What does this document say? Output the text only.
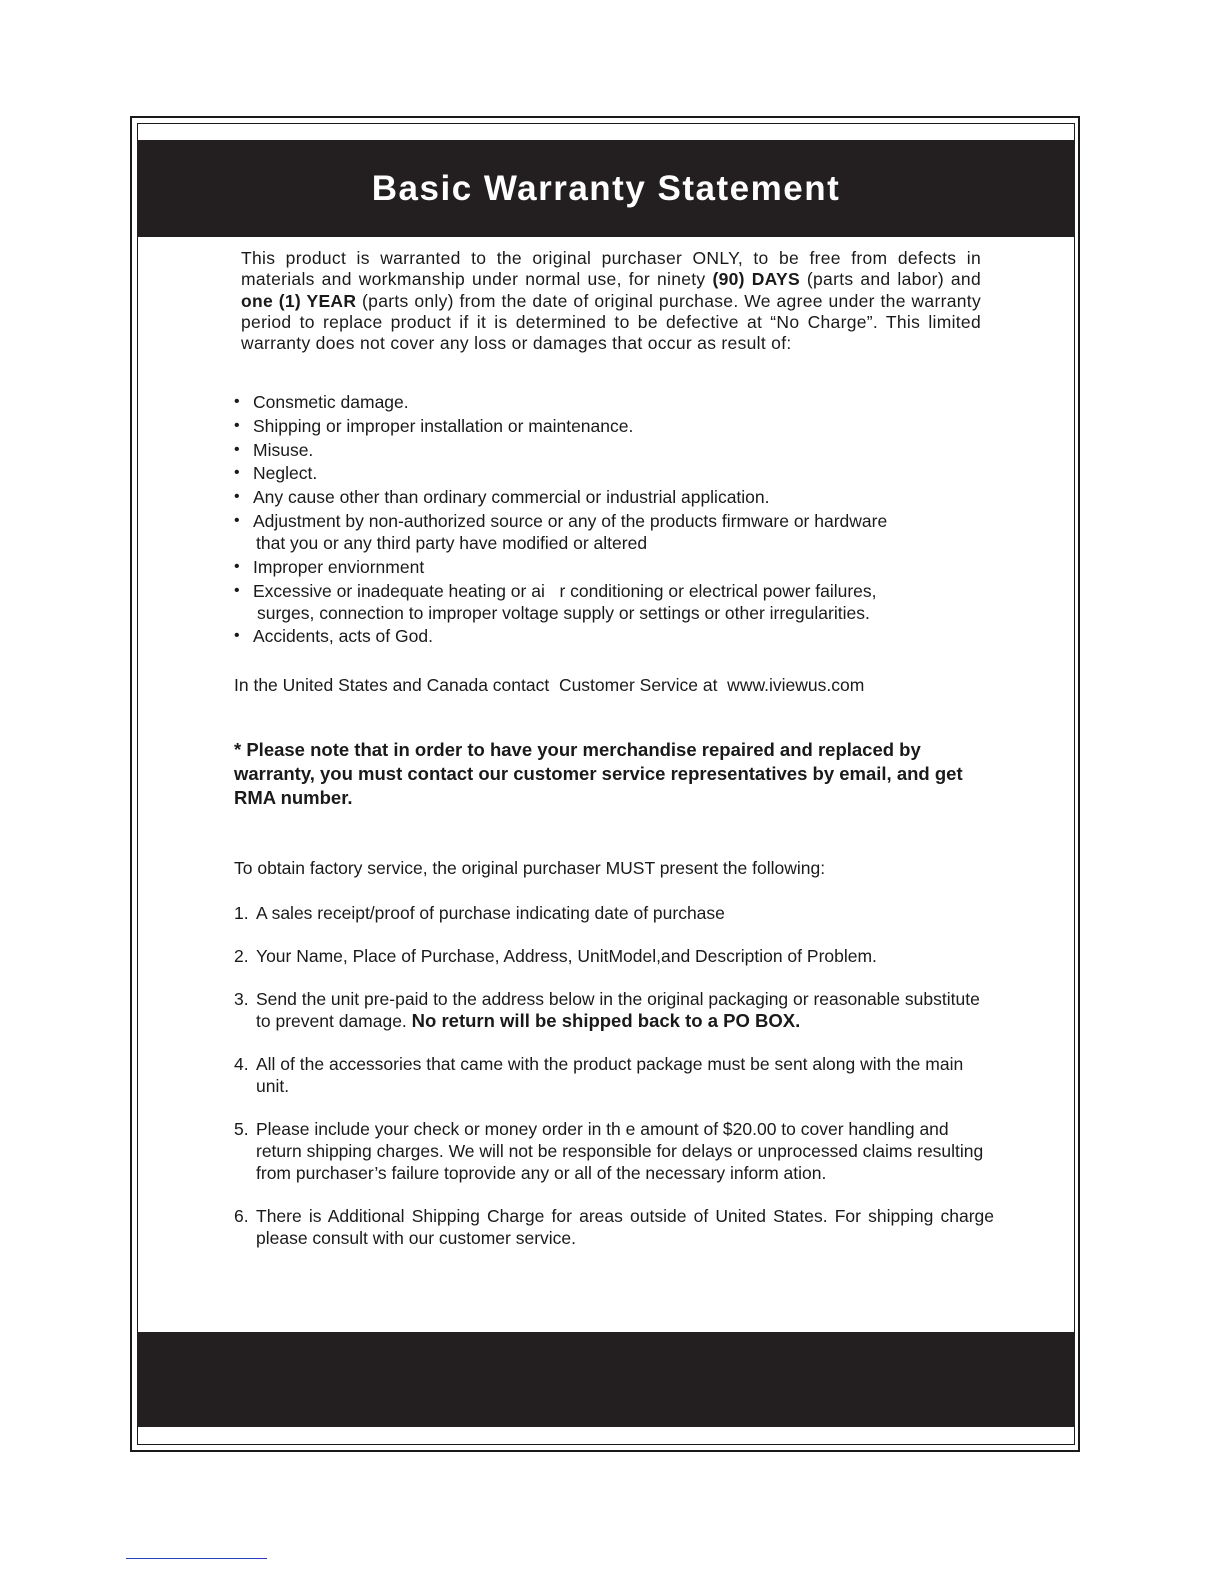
Basic Warranty Statement

This product is warranted to the original purchaser ONLY, to be free from defects in materials and workmanship under normal use, for ninety (90) DAYS (parts and labor) and one (1) YEAR (parts only) from the date of original purchase. We agree under the warranty period to replace product if it is determined to be defective at “No Charge”. This limited warranty does not cover any loss or damages that occur as result of:

• Consmetic damage.
• Shipping or improper installation or maintenance.
• Misuse.
• Neglect.
• Any cause other than ordinary commercial or industrial application.
• Adjustment by non-authorized source or any of the products firmware or hardware
that you or any third party have modified or altered
• Improper enviornment
• Excessive or inadequate heating or ai   r conditioning or electrical power failures,
surges, connection to improper voltage supply or settings or other irregularities.
• Accidents, acts of God.

In the United States and Canada contact  Customer Service at  www.iviewus.com

* Please note that in order to have your merchandise repaired and replaced by warranty, you must contact our customer service representatives by email, and get RMA number.

To obtain factory service, the original purchaser MUST present the following:

1. A sales receipt/proof of purchase indicating date of purchase
2. Your Name, Place of Purchase, Address, UnitModel,and Description of Problem.
3. Send the unit pre-paid to the address below in the original packaging or reasonable substitute to prevent damage. No return will be shipped back to a PO BOX.
4. All of the accessories that came with the product package must be sent along with the main unit.
5. Please include your check or money order in th e amount of $20.00 to cover handling and return shipping charges. We will not be responsible for delays or unprocessed claims resulting from purchaser’s failure toprovide any or all of the necessary inform ation.
6. There is Additional Shipping Charge for areas outside of United States. For shipping charge please consult with our customer service.
